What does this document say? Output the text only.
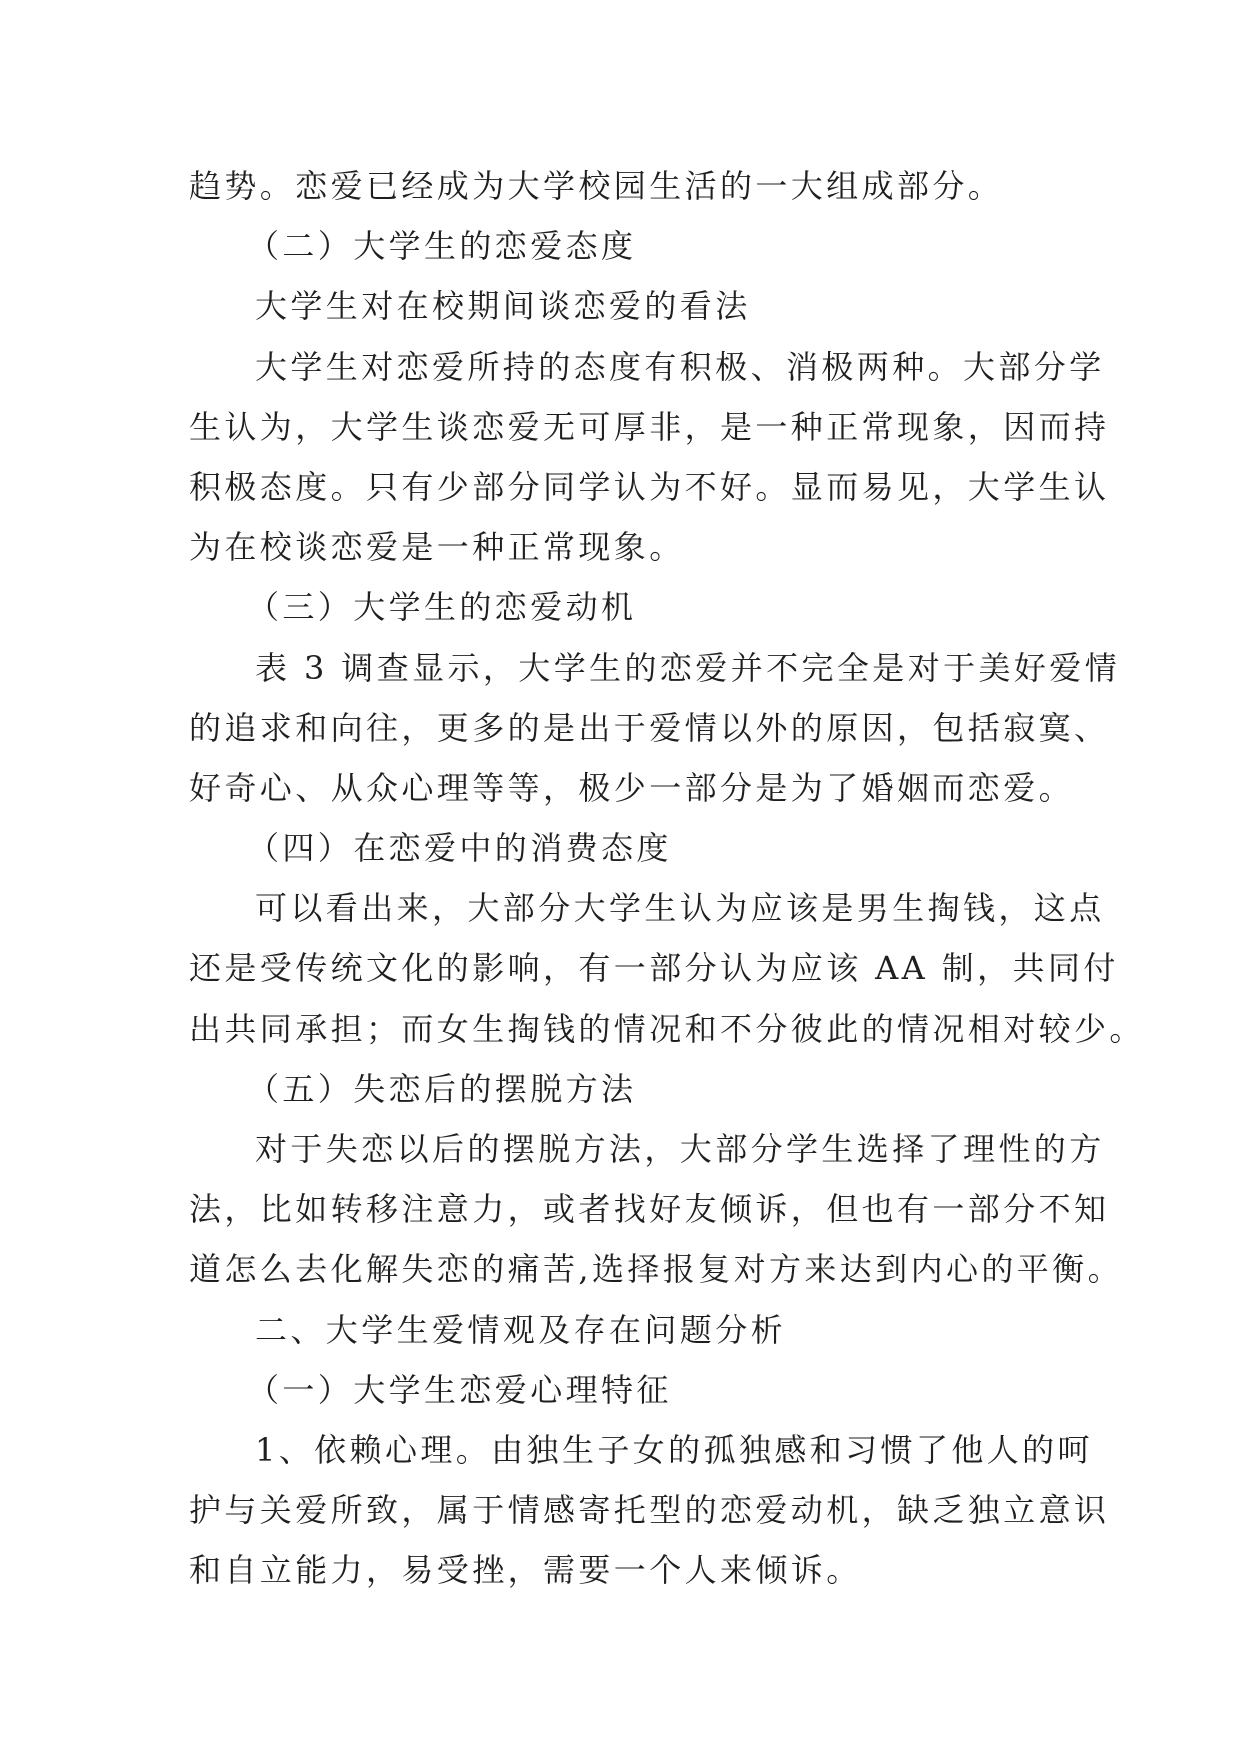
趋势。恋爱已经成为大学校园生活的一大组成部分。
（二）大学生的恋爱态度
大学生对在校期间谈恋爱的看法
大学生对恋爱所持的态度有积极、消极两种。大部分学
生认为，大学生谈恋爱无可厚非，是一种正常现象，因而持
积极态度。只有少部分同学认为不好。显而易见，大学生认
为在校谈恋爱是一种正常现象。
（三）大学生的恋爱动机
表 3 调查显示，大学生的恋爱并不完全是对于美好爱情
的追求和向往，更多的是出于爱情以外的原因，包括寂寞、
好奇心、从众心理等等，极少一部分是为了婚姻而恋爱。
（四）在恋爱中的消费态度
可以看出来，大部分大学生认为应该是男生掏钱，这点
还是受传统文化的影响，有一部分认为应该 AA 制，共同付
出共同承担；而女生掏钱的情况和不分彼此的情况相对较少。
（五）失恋后的摆脱方法
对于失恋以后的摆脱方法，大部分学生选择了理性的方
法，比如转移注意力，或者找好友倾诉，但也有一部分不知
道怎么去化解失恋的痛苦,选择报复对方来达到内心的平衡。
二、大学生爱情观及存在问题分析
（一）大学生恋爱心理特征
1、依赖心理。由独生子女的孤独感和习惯了他人的呵
护与关爱所致，属于情感寄托型的恋爱动机，缺乏独立意识
和自立能力，易受挫，需要一个人来倾诉。
